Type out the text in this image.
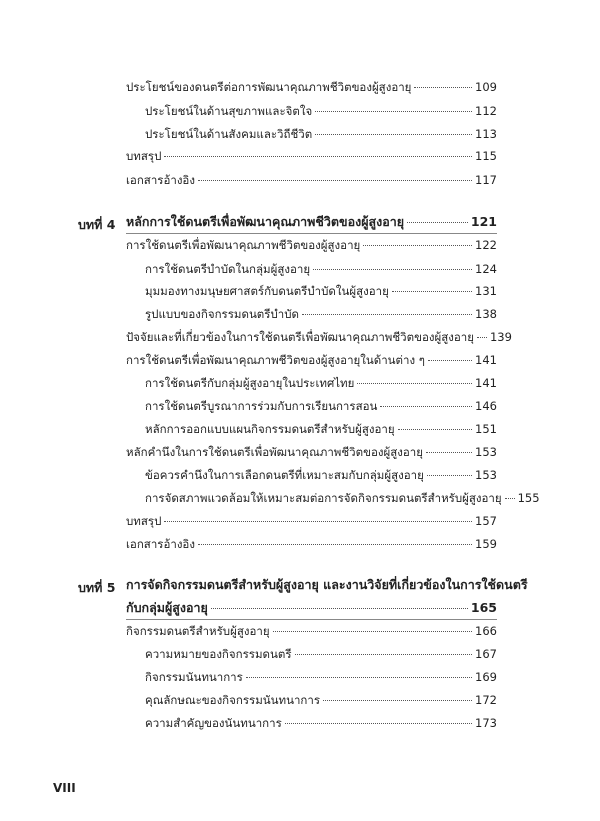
ประโยชน์ของดนตรีต่อการพัฒนาคุณภาพชีวิตของผู้สูงอายุ	109
ประโยชน์ในด้านสุขภาพและจิตใจ	112
ประโยชน์ในด้านสังคมและวิถีชีวิต	113
บทสรุป	115
เอกสารอ้างอิง	117
บทที่ 4 หลักการใช้ดนตรีเพื่อพัฒนาคุณภาพชีวิตของผู้สูงอายุ	121
การใช้ดนตรีเพื่อพัฒนาคุณภาพชีวิตของผู้สูงอายุ	122
การใช้ดนตรีบำบัดในกลุ่มผู้สูงอายุ	124
มุมมองทางมนุษยศาสตร์กับดนตรีบำบัดในผู้สูงอายุ	131
รูปแบบของกิจกรรมดนตรีบำบัด	138
ปัจจัยและที่เกี่ยวข้องในการใช้ดนตรีเพื่อพัฒนาคุณภาพชีวิตของผู้สูงอายุ 139
การใช้ดนตรีเพื่อพัฒนาคุณภาพชีวิตของผู้สูงอายุในด้านต่าง ๆ	141
การใช้ดนตรีกับกลุ่มผู้สูงอายุในประเทศไทย	141
การใช้ดนตรีบูรณาการร่วมกับการเรียนการสอน	146
หลักการออกแบบแผนกิจกรรมดนตรีสำหรับผู้สูงอายุ	151
หลักคำนึงในการใช้ดนตรีเพื่อพัฒนาคุณภาพชีวิตของผู้สูงอายุ	153
ข้อควรคำนึงในการเลือกดนตรีที่เหมาะสมกับกลุ่มผู้สูงอายุ	153
การจัดสภาพแวดล้อมให้เหมาะสมต่อการจัดกิจกรรมดนตรีสำหรับผู้สูงอายุ 155
บทสรุป	157
เอกสารอ้างอิง	159
บทที่ 5 การจัดกิจกรรมดนตรีสำหรับผู้สูงอายุ และงานวิจัยที่เกี่ยวข้องในการใช้ดนตรี
กับกลุ่มผู้สูงอายุ	165
กิจกรรมดนตรีสำหรับผู้สูงอายุ	166
ความหมายของกิจกรรมดนตรี	167
กิจกรรมนันทนาการ	169
คุณลักษณะของกิจกรรมนันทนาการ	172
ความสำคัญของนันทนาการ	173
VIII
